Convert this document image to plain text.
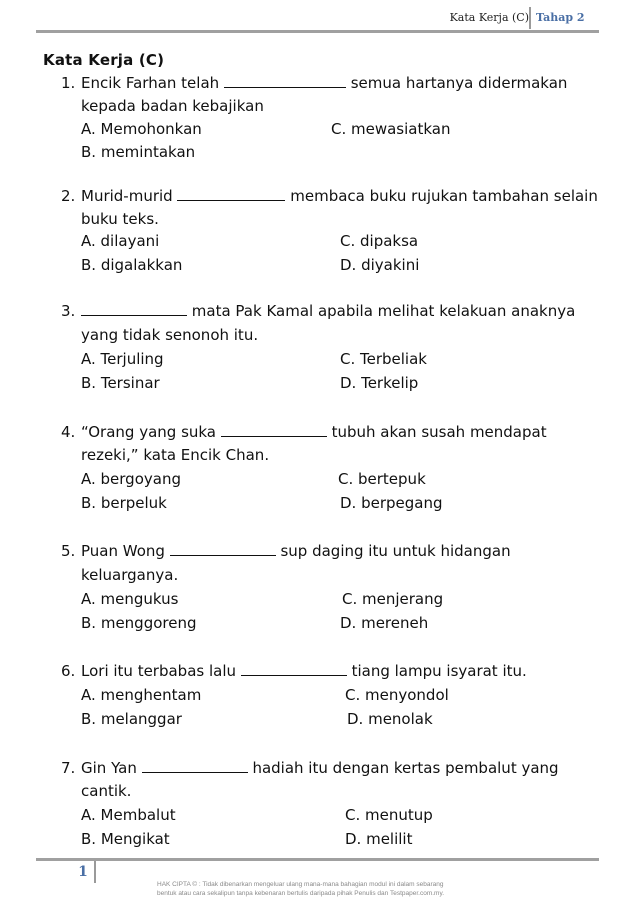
Kata Kerja (C) Tahap 2
Kata Kerja (C)
1. Encik Farhan telah	semua hartanya didermakan
kepada badan kebajikan
A. Memohonkan	C. mewasiatkan
B. memintakan
2. Murid-murid	membaca buku rujukan tambahan selain
buku teks.
A. dilayani	C. dipaksa
B. digalakkan	D. diyakini
3.	mata Pak Kamal apabila melihat kelakuan anaknya
yang tidak senonoh itu.
A. Terjuling	C. Terbeliak
B. Tersinar	D. Terkelip
4. “Orang yang suka	tubuh akan susah mendapat
rezeki,” kata Encik Chan.
A. bergoyang	C. bertepuk
B. berpeluk	D. berpegang
5. Puan Wong	sup daging itu untuk hidangan
keluarganya.
A. mengukus	C. menjerang
B. menggoreng	D. mereneh
6. Lori itu terbabas lalu	tiang lampu isyarat itu.
A. menghentam	C. menyondol
B. melanggar	D. menolak
7. Gin Yan	hadiah itu dengan kertas pembalut yang
cantik.
A. Membalut	C. menutup
B. Mengikat	D. melilit
1
HAK CIPTA © : Tidak dibenarkan mengeluar ulang mana-mana bahagian modul ini dalam sebarang
bentuk atau cara sekalipun tanpa kebenaran bertulis daripada pihak Penulis dan Testpaper.com.my.
